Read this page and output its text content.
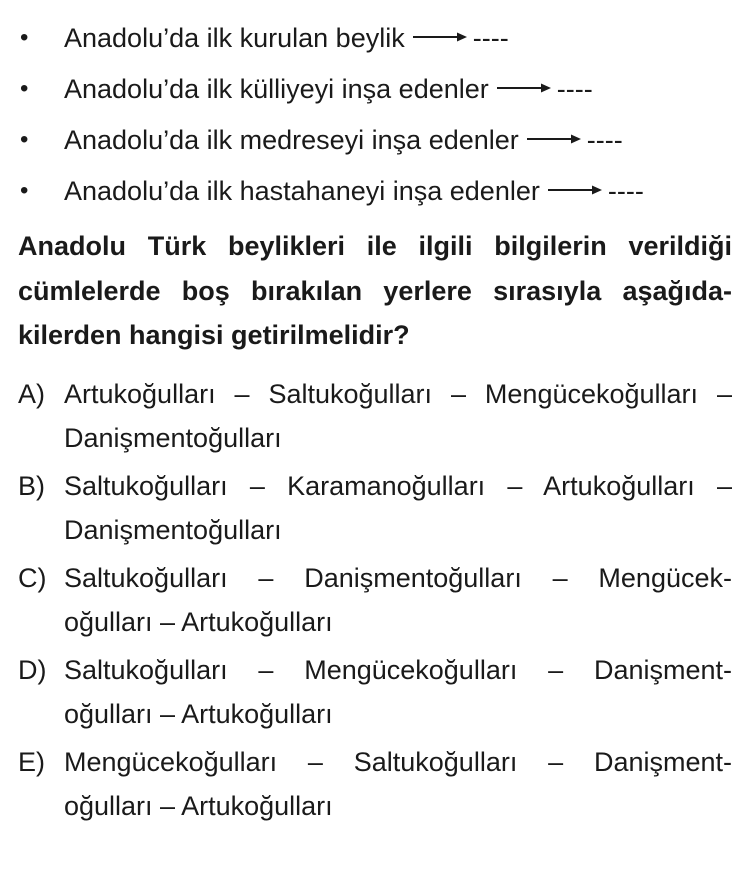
• Anadolu’da ilk kurulan beylik	----
• Anadolu’da ilk külliyeyi inşa edenler	----
• Anadolu’da ilk medreseyi inşa edenler	----
• Anadolu’da ilk hastahaneyi inşa edenler	----

Anadolu Türk beylikleri ile ilgili bilgilerin verildiği cümlelerde boş bırakılan yerlere sırasıyla aşağıda- kilerden hangisi getirilmelidir?

A) Artukoğulları – Saltukoğulları – Mengücekoğulları –
Danişmentoğulları
B) Saltukoğulları – Karamanoğulları – Artukoğulları –
Danişmentoğulları
C) Saltukoğulları – Danişmentoğulları – Mengücek-
oğulları – Artukoğulları
D) Saltukoğulları – Mengücekoğulları – Danişment-
oğulları – Artukoğulları
E) Mengücekoğulları – Saltukoğulları – Danişment-
oğulları – Artukoğulları
